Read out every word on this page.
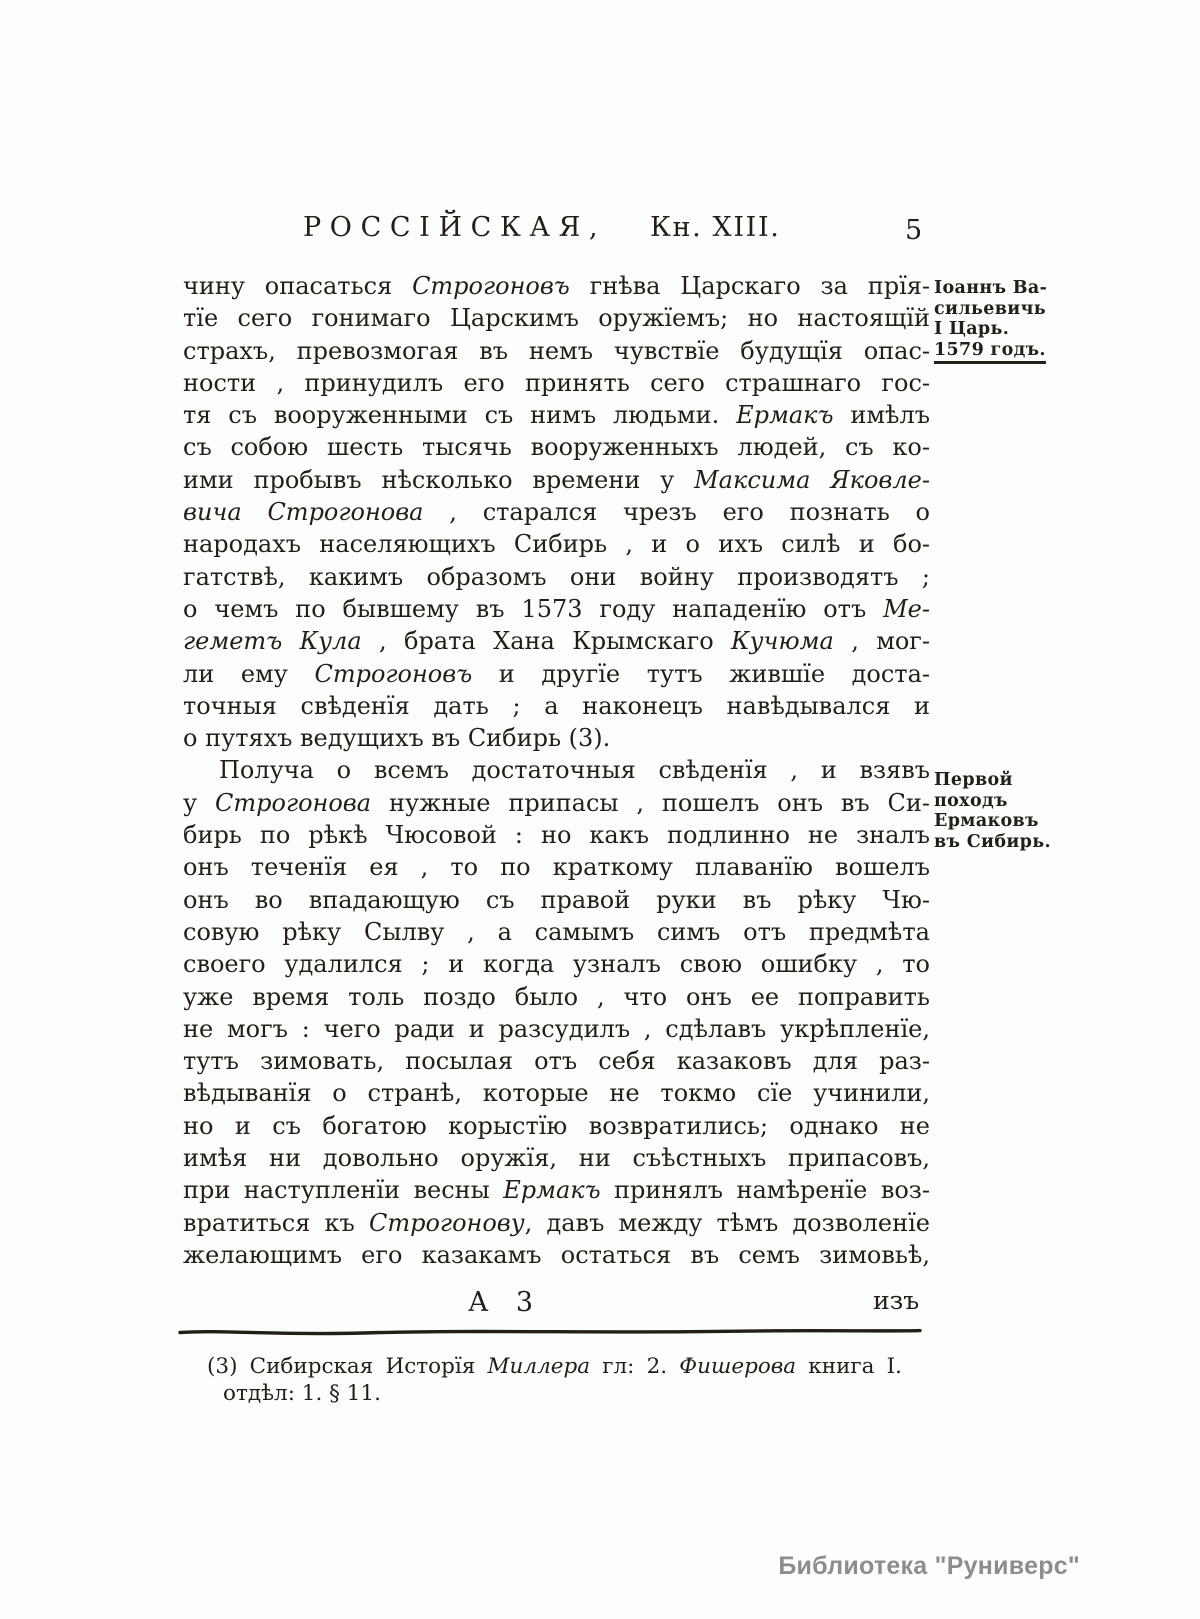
РОССІЙСКАЯ, Кн. XIII.	5
чину опасаться Строгоновъ гнѣва Царскаго за прїя-
тїе сего гонимаго Царскимъ оружїемъ; но настоящїй
страхъ, превозмогая въ немъ чувствїе будущїя опас-
ности , принудилъ его принять сего страшнаго гос-
тя съ вооруженными съ нимъ людьми. Ермакъ имѣлъ
съ собою шесть тысячь вооруженныхъ людей, съ ко-
ими пробывъ нѣсколько времени у Максима Яковле-
вича Строгонова , старался чрезъ его познать о
народахъ населяющихъ Сибирь , и о ихъ силѣ и бо-
гатствѣ, какимъ образомъ они войну производятъ ;
о чемъ по бывшему въ 1573 году нападенїю отъ Ме-
геметъ Кула , брата Хана Крымскаго Кучюма , мог-
ли ему Строгоновъ и другїе тутъ жившїе доста-
точныя свѣденїя дать ; а наконецъ навѣдывался и
о путяхъ ведущихъ въ Сибирь (3).
Получа о всемъ достаточныя свѣденїя , и взявъ
у Строгонова нужные припасы , пошелъ онъ въ Си-
бирь по рѣкѣ Чюсовой : но какъ подлинно не зналъ
онъ теченїя ея , то по краткому плаванїю вошелъ
онъ во впадающую съ правой руки въ рѣку Чю-
совую рѣку Сылву , а самымъ симъ отъ предмѣта
своего удалился ; и когда узналъ свою ошибку , то
уже время толь поздо было , что онъ ее поправить
не могъ : чего ради и разсудилъ , сдѣлавъ укрѣпленїе,
тутъ зимовать, посылая отъ себя казаковъ для раз-
вѣдыванїя о странѣ, которые не токмо сїе учинили,
но и съ богатою корыстїю возвратились; однако не
имѣя ни довольно оружїя, ни съѣстныхъ припасовъ,
при наступленїи весны Ермакъ принялъ намѣренїе воз-
вратиться къ Строгонову, давъ между тѣмъ дозволенїе
желающимъ его казакамъ остаться въ семъ зимовьѣ,
Іоаннъ Ва-
сильевичь
I Царь.
1579 годъ.
Первой
походъ
Ермаковъ
въ Сибирь.
А 3	изъ
(3) Сибирская Исторїя Миллера гл: 2. Фишерова книга I.
отдѣл: 1. § 11.
Библиотека "Руниверс"
